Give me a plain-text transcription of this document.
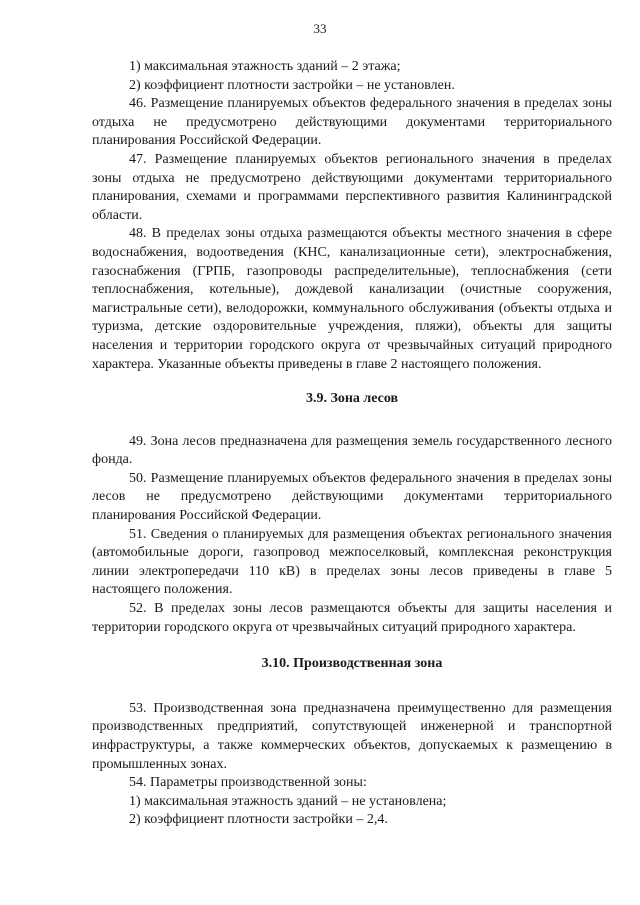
33

1) максимальная этажность зданий – 2 этажа;

2) коэффициент плотности застройки – не установлен.

46. Размещение планируемых объектов федерального значения в пределах зоны отдыха не предусмотрено действующими документами территориального планирования Российской Федерации.

47. Размещение планируемых объектов регионального значения в пределах зоны отдыха не предусмотрено действующими документами территориального планирования, схемами и программами перспективного развития Калининградской области.

48. В пределах зоны отдыха размещаются объекты местного значения в сфере водоснабжения, водоотведения (КНС, канализационные сети), электроснабжения, газоснабжения (ГРПБ, газопроводы распределительные), теплоснабжения (сети теплоснабжения, котельные), дождевой канализации (очистные сооружения, магистральные сети), велодорожки, коммунального обслуживания (объекты отдыха и туризма, детские оздоровительные учреждения, пляжи), объекты для защиты населения и территории городского округа от чрезвычайных ситуаций природного характера. Указанные объекты приведены в главе 2 настоящего положения.

3.9. Зона лесов

49. Зона лесов предназначена для размещения земель государственного лесного фонда.

50. Размещение планируемых объектов федерального значения в пределах зоны лесов не предусмотрено действующими документами территориального планирования Российской Федерации.

51. Сведения о планируемых для размещения объектах регионального значения (автомобильные дороги, газопровод межпоселковый, комплексная реконструкция линии электропередачи 110 кВ) в пределах зоны лесов приведены в главе 5 настоящего положения.

52. В пределах зоны лесов размещаются объекты для защиты населения и территории городского округа от чрезвычайных ситуаций природного характера.

3.10. Производственная зона

53. Производственная зона предназначена преимущественно для размещения производственных предприятий, сопутствующей инженерной и транспортной инфраструктуры, а также коммерческих объектов, допускаемых к размещению в промышленных зонах.

54. Параметры производственной зоны:

1) максимальная этажность зданий – не установлена;

2) коэффициент плотности застройки – 2,4.
